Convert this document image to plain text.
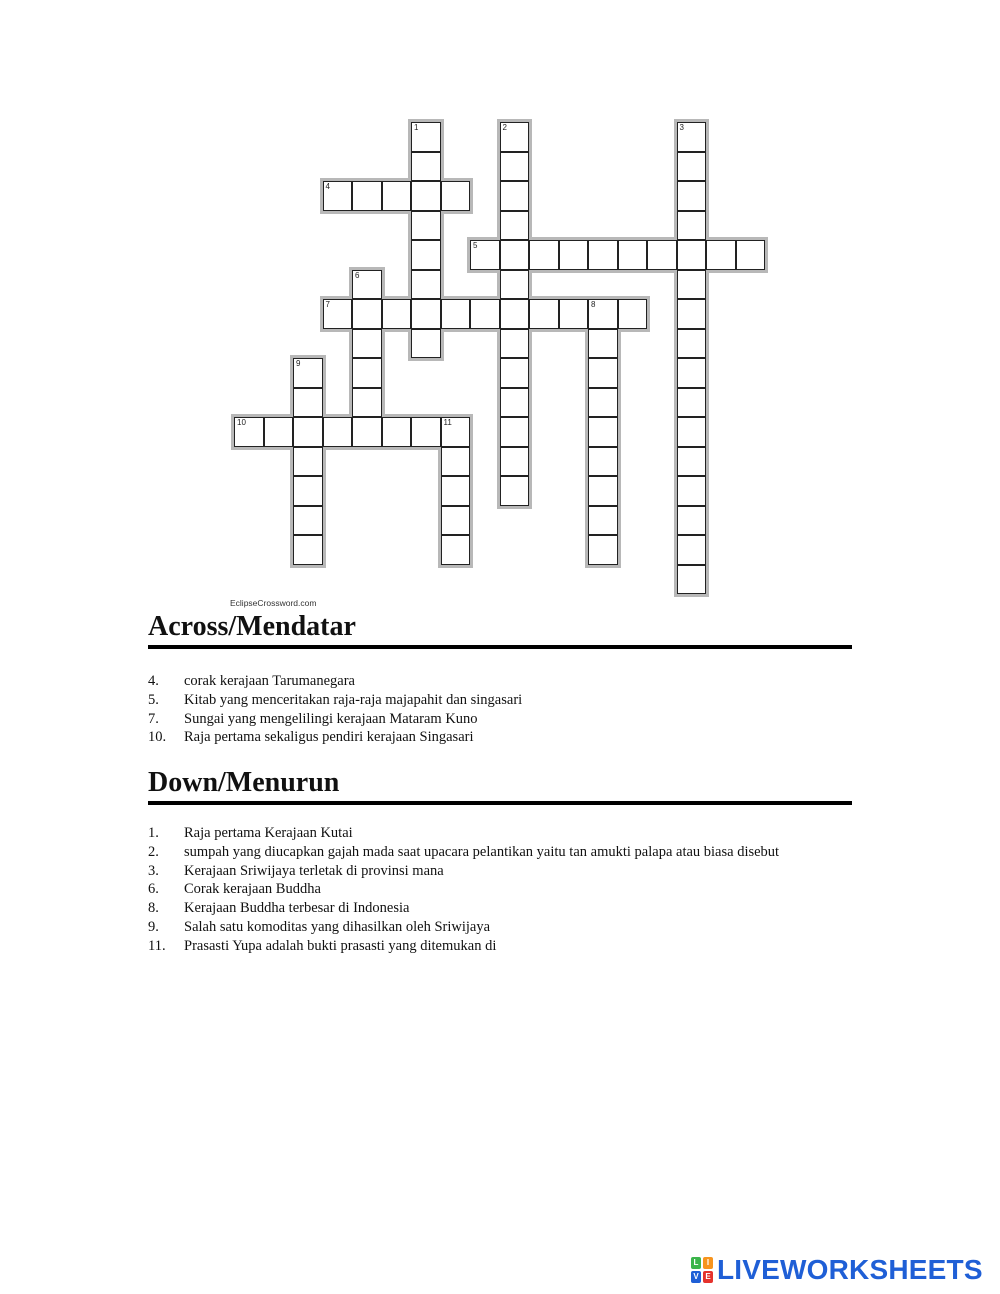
1	2	3
4
5
6
7	8
9
10	11
EclipseCrossword.com
Across/Mendatar
4.	corak kerajaan Tarumanegara
5.	Kitab yang menceritakan raja-raja majapahit dan singasari
7.	Sungai yang mengelilingi kerajaan Mataram Kuno
10.	Raja pertama sekaligus pendiri kerajaan Singasari
Down/Menurun
1.	Raja pertama Kerajaan Kutai
2.	sumpah yang diucapkan gajah mada saat upacara pelantikan yaitu tan amukti palapa atau biasa disebut
3.	Kerajaan Sriwijaya terletak di provinsi mana
6.	Corak kerajaan Buddha
8.	Kerajaan Buddha terbesar di Indonesia
9.	Salah satu komoditas yang dihasilkan oleh Sriwijaya
11.	Prasasti Yupa adalah bukti prasasti yang ditemukan di
L	I
V E LIVEWORKSHEETS
